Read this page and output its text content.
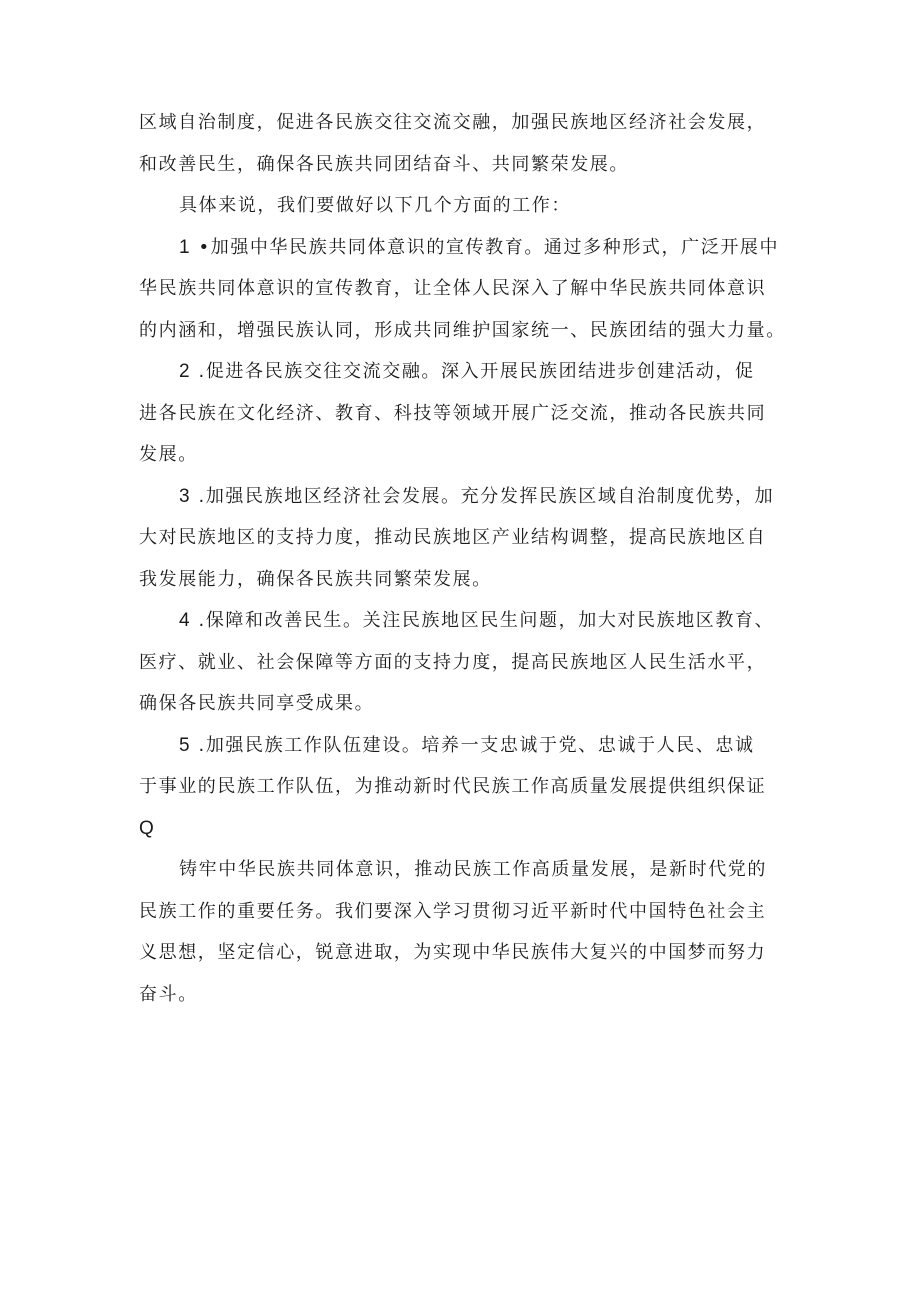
区域自治制度，促进各民族交往交流交融，加强民族地区经济社会发展，
和改善民生，确保各民族共同团结奋斗、共同繁荣发展。
具体来说，我们要做好以下几个方面的工作：
1 •加强中华民族共同体意识的宣传教育。通过多种形式，广泛开展中
华民族共同体意识的宣传教育，让全体人民深入了解中华民族共同体意识
的内涵和，增强民族认同，形成共同维护国家统一、民族团结的强大力量。
2 .促进各民族交往交流交融。深入开展民族团结进步创建活动，促
进各民族在文化经济、教育、科技等领域开展广泛交流，推动各民族共同
发展。
3 .加强民族地区经济社会发展。充分发挥民族区域自治制度优势，加
大对民族地区的支持力度，推动民族地区产业结构调整，提高民族地区自
我发展能力，确保各民族共同繁荣发展。
4 .保障和改善民生。关注民族地区民生问题，加大对民族地区教育、
医疗、就业、社会保障等方面的支持力度，提高民族地区人民生活水平，
确保各民族共同享受成果。
5 .加强民族工作队伍建设。培养一支忠诚于党、忠诚于人民、忠诚
于事业的民族工作队伍，为推动新时代民族工作高质量发展提供组织保证
Q
铸牢中华民族共同体意识，推动民族工作高质量发展，是新时代党的
民族工作的重要任务。我们要深入学习贯彻习近平新时代中国特色社会主
义思想，坚定信心，锐意进取，为实现中华民族伟大复兴的中国梦而努力
奋斗。
